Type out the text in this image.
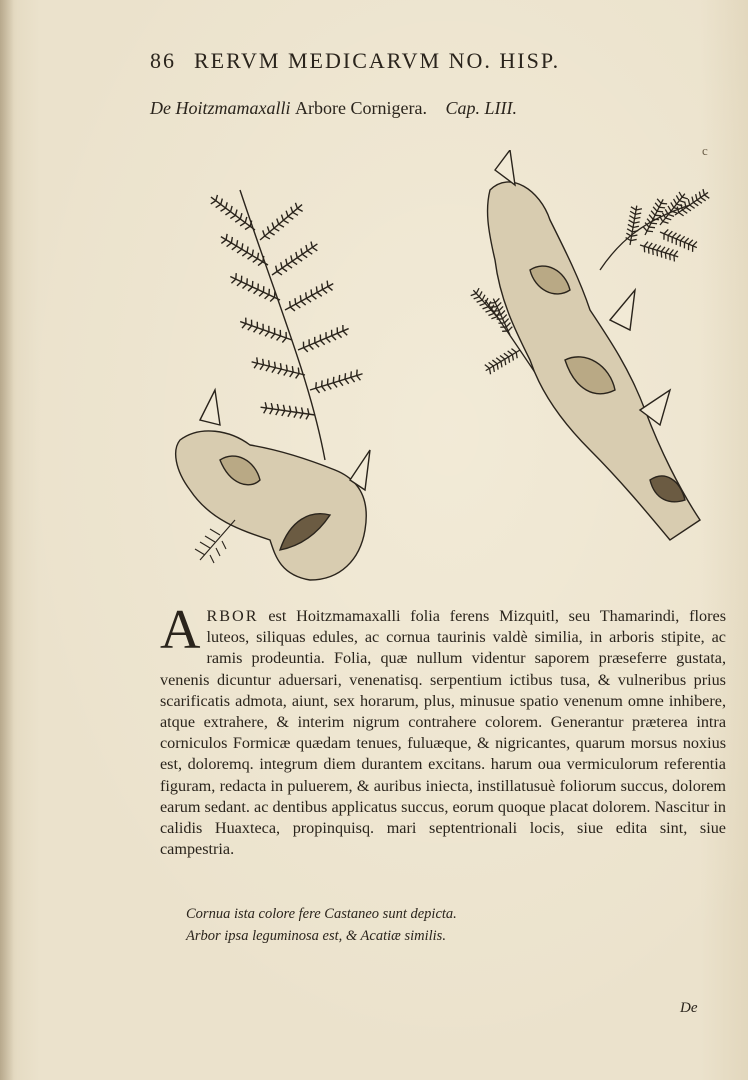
86 RERVM MEDICARVM NO. HISP.
De Hoitzmamaxalli Arbore Cornigera. Cap. LIII.
c
A RBOR est Hoitzmamaxalli folia ferens Mizquitl, seu Thamarindi, flores luteos, siliquas edules, ac cornua taurinis valdè similia, in arboris stipite, ac ramis prodeuntia. Folia, quæ nullum videntur saporem præseferre gustata, venenis dicuntur aduersari, venenatisq. serpentium ictibus tusa, & vulneribus prius scarificatis admota, aiunt, sex horarum, plus, minusue spatio venenum omne inhibere, atque extrahere, & interim nigrum contrahere colorem. Generantur præterea intra corniculos Formicæ quædam tenues, fuluæque, & nigricantes, quarum morsus noxius est, doloremq. integrum diem durantem excitans. harum oua vermiculorum referentia figuram, redacta in puluerem, & auribus iniecta, instillatusuè foliorum succus, dolorem earum sedant. ac dentibus applicatus succus, eorum quoque placat dolorem. Nascitur in calidis Huaxteca, propinquisq. mari septentrionali locis, siue edita sint, siue campestria.

Cornua ista colore fere Castaneo sunt depicta.
Arbor ipsa leguminosa est, & Acatiæ similis.
De
